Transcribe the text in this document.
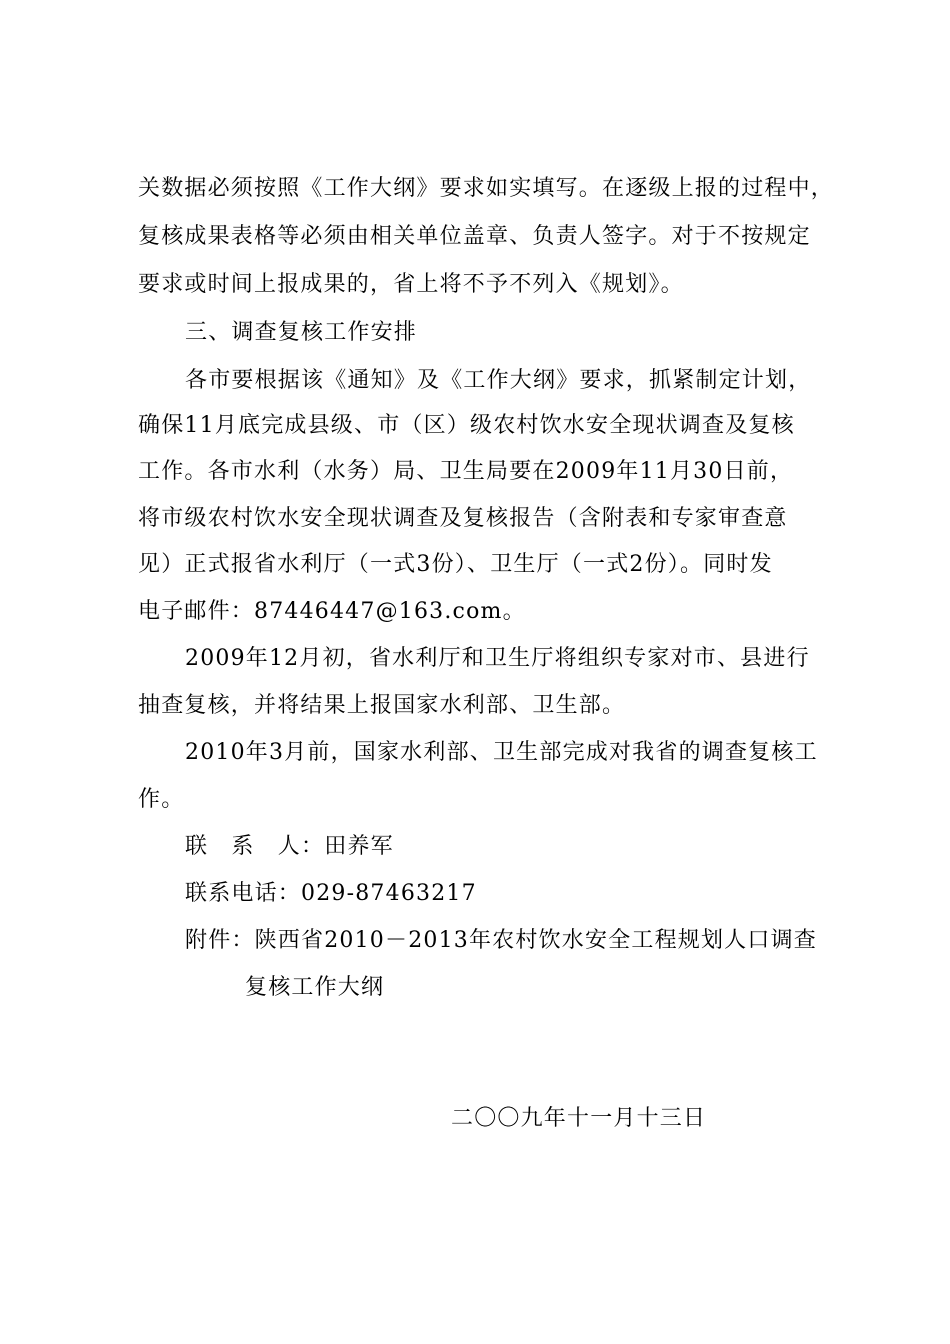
关数据必须按照《工作大纲》要求如实填写。在逐级上报的过程中，
复核成果表格等必须由相关单位盖章、负责人签字。对于不按规定
要求或时间上报成果的，省上将不予不列入《规划》。
三、调查复核工作安排
各市要根据该《通知》及《工作大纲》要求，抓紧制定计划，
确保11月底完成县级、市（区）级农村饮水安全现状调查及复核
工作。各市水利（水务）局、卫生局要在2009年11月30日前，
将市级农村饮水安全现状调查及复核报告（含附表和专家审查意
见）正式报省水利厅（一式3份）、卫生厅（一式2份）。同时发
电子邮件：87446447@163.com。
2009年12月初，省水利厅和卫生厅将组织专家对市、县进行
抽查复核，并将结果上报国家水利部、卫生部。
2010年3月前，国家水利部、卫生部完成对我省的调查复核工
作。
联　系　人：田养军
联系电话：029-87463217
附件：陕西省2010－2013年农村饮水安全工程规划人口调查
复核工作大纲
二〇〇九年十一月十三日
